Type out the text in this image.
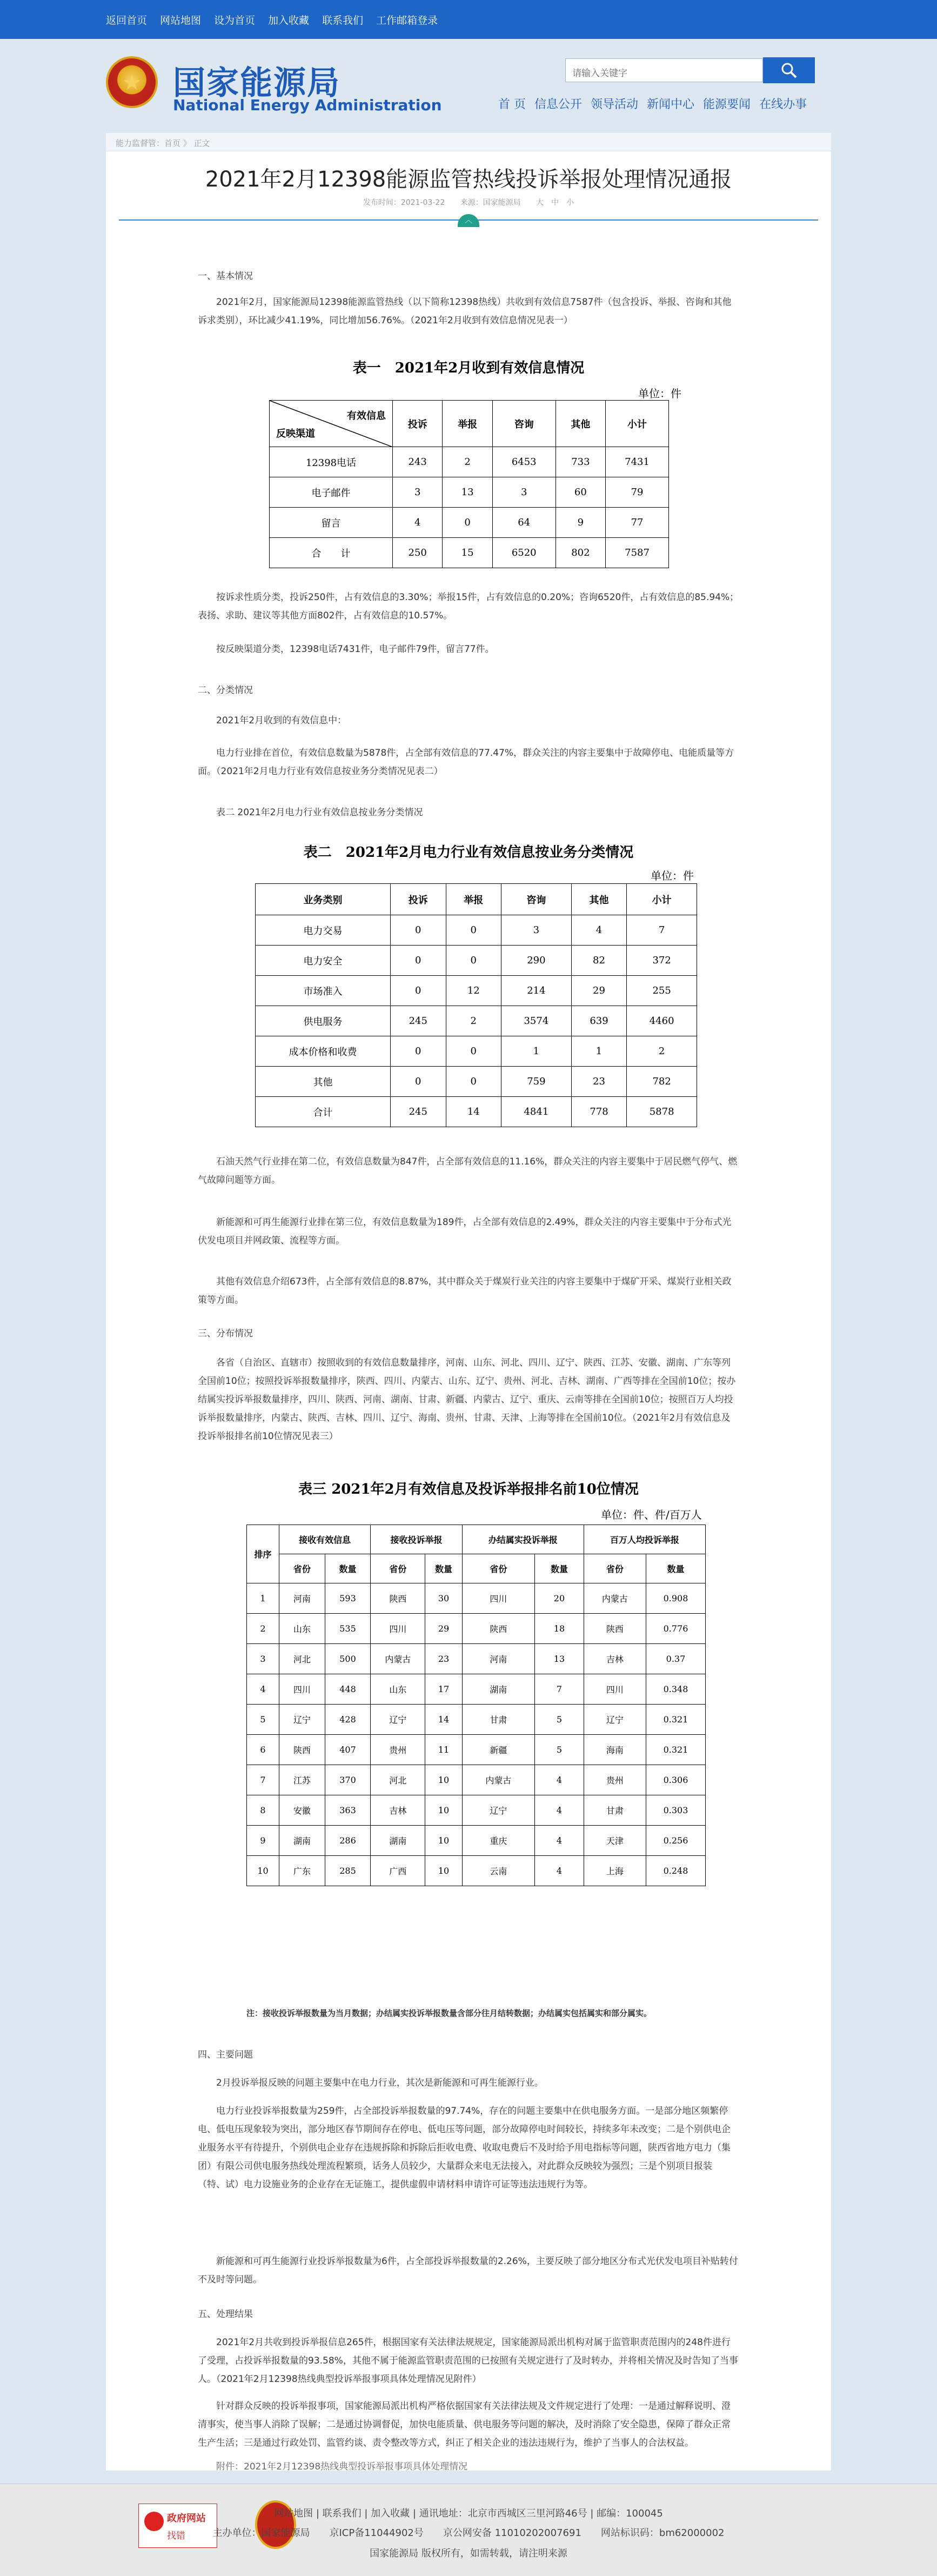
返回首页 网站地图 设为首页 加入收藏 联系我们 工作邮箱登录
★ 国家能源局
National Energy Administration
请输入关键字
首 页 信息公开 领导活动 新闻中心 能源要闻 在线办事
能力监督管：首页 》 正文
2021年2月12398能源监管热线投诉举报处理情况通报
发布时间：2021-03-22 来源：国家能源局 大　中　小
︿
一、基本情况
2021年2月，国家能源局12398能源监管热线（以下简称12398热线）共收到有效信息7587件（包含投诉、举报、咨询和其他诉求类别），环比减少41.19%，同比增加56.76%。（2021年2月收到有效信息情况见表一）
表一　2021年2月收到有效信息情况
单位：件
有效信息
反映渠道	投诉	举报	咨询	其他	小计
12398电话	243	2	6453	733	7431
电子邮件	3	13	3	60	79
留言	4	0	64	9	77
合　　计	250	15	6520	802	7587
按诉求性质分类，投诉250件，占有效信息的3.30%；举报15件，占有效信息的0.20%；咨询6520件，占有效信息的85.94%；表扬、求助、建议等其他方面802件，占有效信息的10.57%。
按反映渠道分类，12398电话7431件，电子邮件79件，留言77件。
二、分类情况
2021年2月收到的有效信息中：
电力行业排在首位，有效信息数量为5878件，占全部有效信息的77.47%，群众关注的内容主要集中于故障停电、电能质量等方面。（2021年2月电力行业有效信息按业务分类情况见表二）
表二 2021年2月电力行业有效信息按业务分类情况
表二　2021年2月电力行业有效信息按业务分类情况
单位：件
业务类别	投诉	举报	咨询	其他	小计
电力交易	0	0	3	4	7
电力安全	0	0	290	82	372
市场准入	0	12	214	29	255
供电服务	245	2	3574	639	4460
成本价格和收费	0	0	1	1	2
其他	0	0	759	23	782
合计	245	14	4841	778	5878
石油天然气行业排在第二位，有效信息数量为847件，占全部有效信息的11.16%，群众关注的内容主要集中于居民燃气停气、燃气故障问题等方面。
新能源和可再生能源行业排在第三位，有效信息数量为189件，占全部有效信息的2.49%，群众关注的内容主要集中于分布式光伏发电项目并网政策、流程等方面。
其他有效信息介绍673件，占全部有效信息的8.87%，其中群众关于煤炭行业关注的内容主要集中于煤矿开采、煤炭行业相关政策等方面。
三、分布情况
各省（自治区、直辖市）按照收到的有效信息数量排序，河南、山东、河北、四川、辽宁、陕西、江苏、安徽、湖南、广东等列全国前10位；按照投诉举报数量排序，陕西、四川、内蒙古、山东、辽宁、贵州、河北、吉林、湖南、广西等排在全国前10位；按办结属实投诉举报数量排序，四川、陕西、河南、湖南、甘肃、新疆、内蒙古、辽宁、重庆、云南等排在全国前10位；按照百万人均投诉举报数量排序，内蒙古、陕西、吉林、四川、辽宁、海南、贵州、甘肃、天津、上海等排在全国前10位。（2021年2月有效信息及投诉举报排名前10位情况见表三）
表三 2021年2月有效信息及投诉举报排名前10位情况
单位：件、件/百万人
排序	接收有效信息		接收投诉举报		办结属实投诉举报		百万人均投诉举报	
	省份	数量	省份	数量	省份	数量	省份	数量
1	河南	593	陕西	30	四川	20	内蒙古	0.908
2	山东	535	四川	29	陕西	18	陕西	0.776
3	河北	500	内蒙古	23	河南	13	吉林	0.37
4	四川	448	山东	17	湖南	7	四川	0.348
5	辽宁	428	辽宁	14	甘肃	5	辽宁	0.321
6	陕西	407	贵州	11	新疆	5	海南	0.321
7	江苏	370	河北	10	内蒙古	4	贵州	0.306
8	安徽	363	吉林	10	辽宁	4	甘肃	0.303
9	湖南	286	湖南	10	重庆	4	天津	0.256
10	广东	285	广西	10	云南	4	上海	0.248
注：接收投诉举报数量为当月数据；办结属实投诉举报数量含部分往月结转数据；办结属实包括属实和部分属实。
四、主要问题
2月投诉举报反映的问题主要集中在电力行业，其次是新能源和可再生能源行业。
电力行业投诉举报数量为259件，占全部投诉举报数量的97.74%，存在的问题主要集中在供电服务方面。一是部分地区频繁停电、低电压现象较为突出，部分地区春节期间存在停电、低电压等问题，部分故障停电时间较长，持续多年未改变；二是个别供电企业服务水平有待提升，个别供电企业存在违规拆除和拆除后拒收电费、收取电费后不及时给予用电指标等问题，陕西省地方电力（集团）有限公司供电服务热线处理流程繁琐，话务人员较少，大量群众来电无法接入，对此群众反映较为强烈；三是个别项目报装（特、试）电力设施业务的企业存在无证施工，提供虚假申请材料申请许可证等违法违规行为等。
新能源和可再生能源行业投诉举报数量为6件，占全部投诉举报数量的2.26%，主要反映了部分地区分布式光伏发电项目补贴转付不及时等问题。
五、处理结果
2021年2月共收到投诉举报信息265件，根据国家有关法律法规规定，国家能源局派出机构对属于监管职责范围内的248件进行了受理，占投诉举报数量的93.58%，其他不属于能源监管职责范围的已按照有关规定进行了及时转办，并将相关情况及时告知了当事人。（2021年2月12398热线典型投诉举报事项具体处理情况见附件）
针对群众反映的投诉举报事项，国家能源局派出机构严格依据国家有关法律法规及文件规定进行了处理：一是通过解释说明、澄清事实，使当事人消除了误解；二是通过协调督促，加快电能质量、供电服务等问题的解决，及时消除了安全隐患，保障了群众正常生产生活；三是通过行政处罚、监管约谈、责令整改等方式，纠正了相关企业的违法违规行为，维护了当事人的合法权益。
附件：2021年2月12398热线典型投诉举报事项具体处理情况
政府网站
找错
网站地图 | 联系我们 | 加入收藏 | 通讯地址：北京市西城区三里河路46号 | 邮编：100045
主办单位：国家能源局　　京ICP备11044902号　　京公网安备 11010202007691　　网站标识码：bm62000002
国家能源局 版权所有，如需转载，请注明来源
